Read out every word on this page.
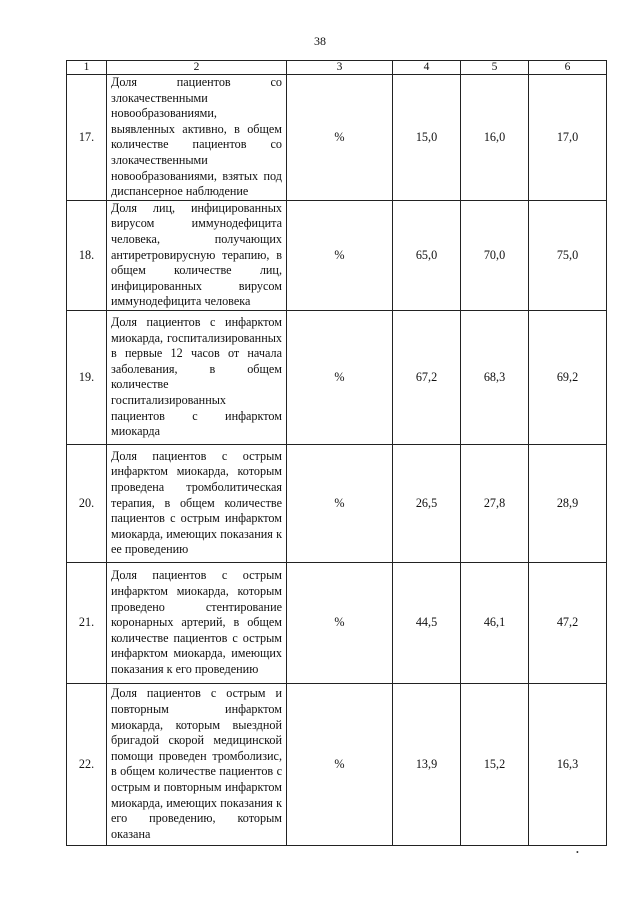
38
1	2	3	4	5	6
17.	Доля пациентов со злокачественными новообразованиями, выявленных активно, в общем количестве пациентов со злокачественными новообразованиями, взятых под диспансерное наблюдение	%	15,0	16,0	17,0
18.	Доля лиц, инфицированных вирусом иммунодефицита человека, получающих антиретровирусную терапию, в общем количестве лиц, инфицированных вирусом иммунодефицита человека	%	65,0	70,0	75,0
19.	Доля пациентов с инфарктом миокарда, госпитализированных в первые 12 часов от начала заболевания, в общем количестве госпитализированных пациентов с инфарктом миокарда	%	67,2	68,3	69,2
20.	Доля пациентов с острым инфарктом миокарда, которым проведена тромболитическая терапия, в общем количестве пациентов с острым инфарктом миокарда, имеющих показания к ее проведению	%	26,5	27,8	28,9
21.	Доля пациентов с острым инфарктом миокарда, которым проведено стентирование коронарных артерий, в общем количестве пациентов с острым инфарктом миокарда, имеющих показания к его проведению	%	44,5	46,1	47,2
22.	Доля пациентов с острым и повторным инфарктом миокарда, которым выездной бригадой скорой медицинской помощи проведен тромболизис, в общем количестве пациентов с острым и повторным инфарктом миокарда, имеющих показания к его проведению, которым оказана	%	13,9	15,2	16,3
•
